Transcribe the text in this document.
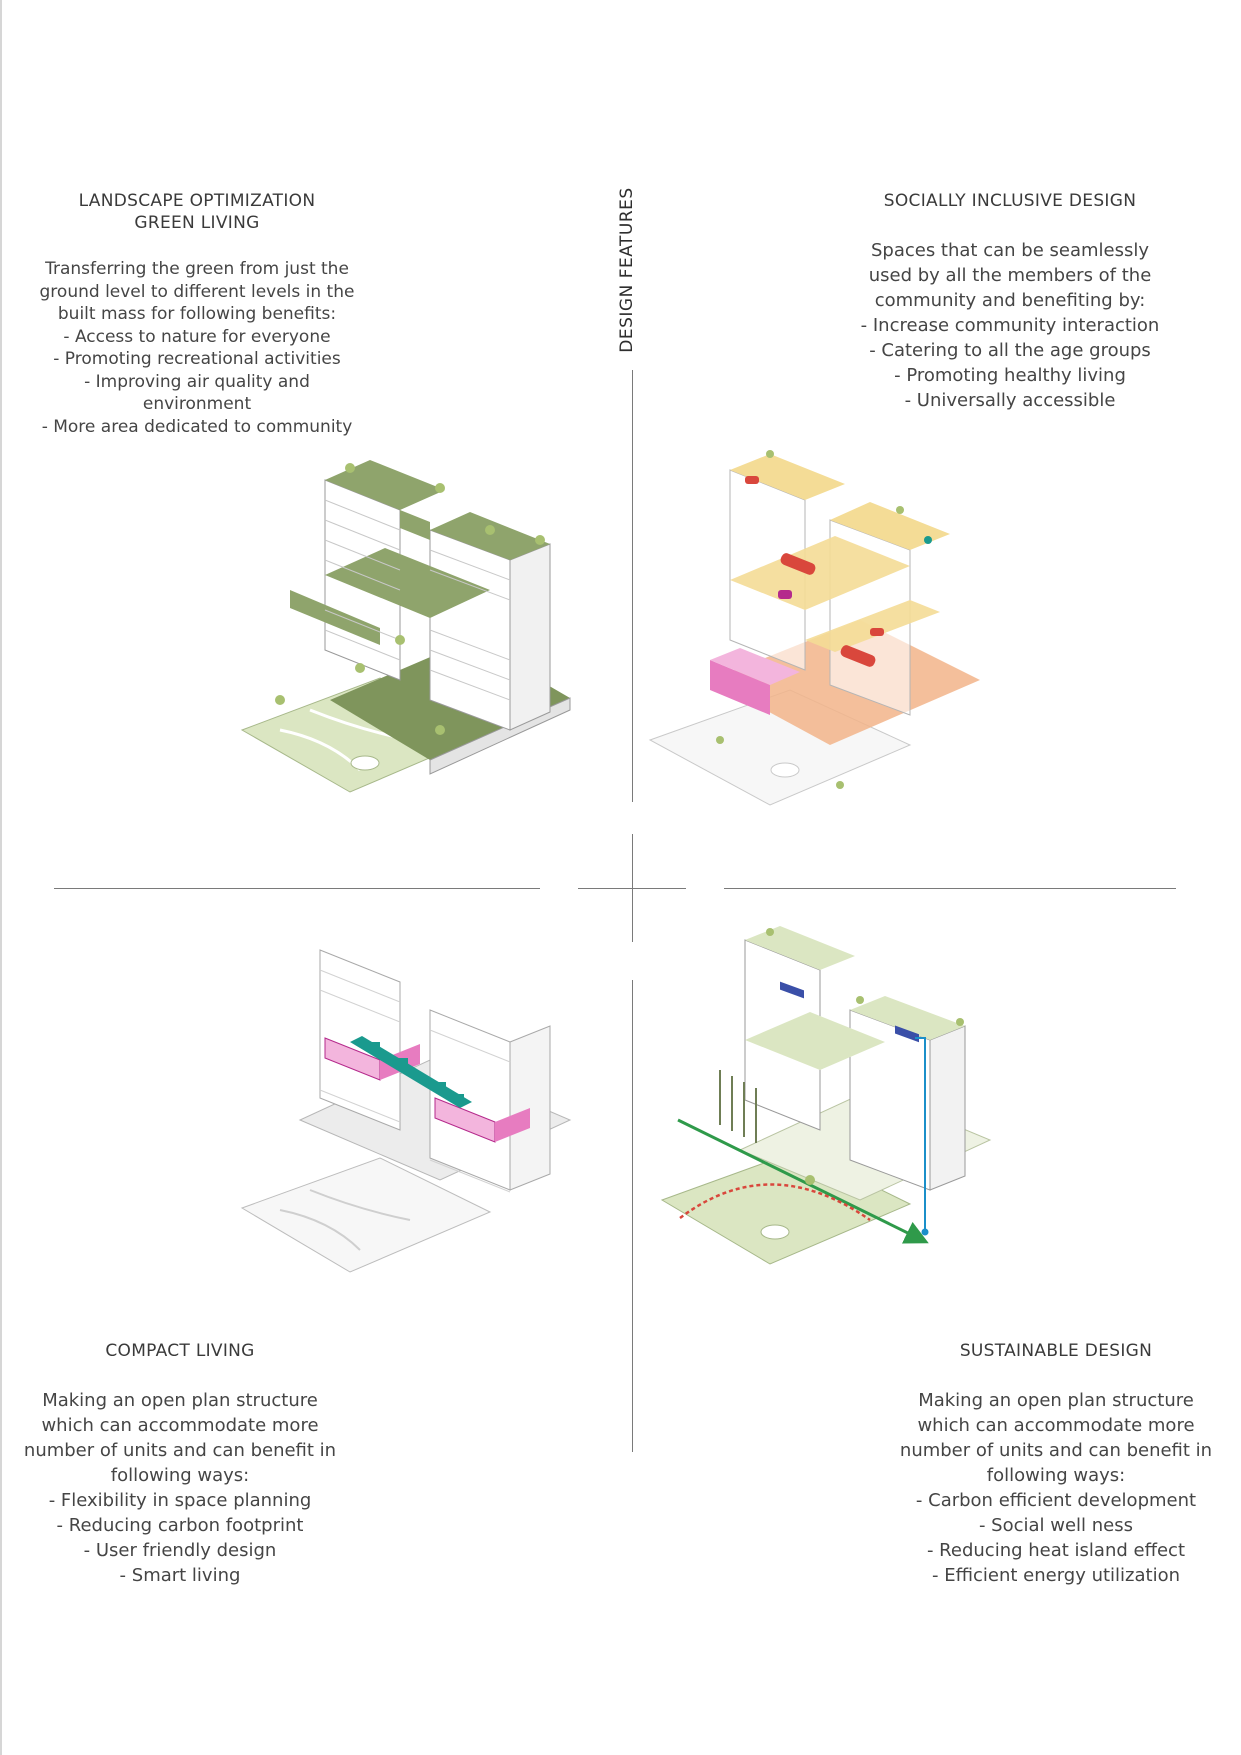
DESIGN FEATURES
LANDSCAPE OPTIMIZATION
GREEN LIVING
Transferring the green from just the
ground level to different levels in the
built mass for following benefits:
- Access to nature for everyone
- Promoting recreational activities
- Improving air quality and environment
- More area dedicated to community
SOCIALLY INCLUSIVE DESIGN
Spaces that can be seamlessly
used by all the members of the
community and benefiting by:
- Increase community interaction
- Catering to all the age groups
- Promoting healthy living
- Universally accessible
COMPACT LIVING
Making an open plan structure
which can accommodate more
number of units and can benefit in
following ways:
- Flexibility in space planning
- Reducing carbon footprint
- User friendly design
- Smart living
SUSTAINABLE DESIGN
Making an open plan structure
which can accommodate more
number of units and can benefit in
following ways:
- Carbon efficient development
- Social well ness
- Reducing heat island effect
- Efficient energy utilization
